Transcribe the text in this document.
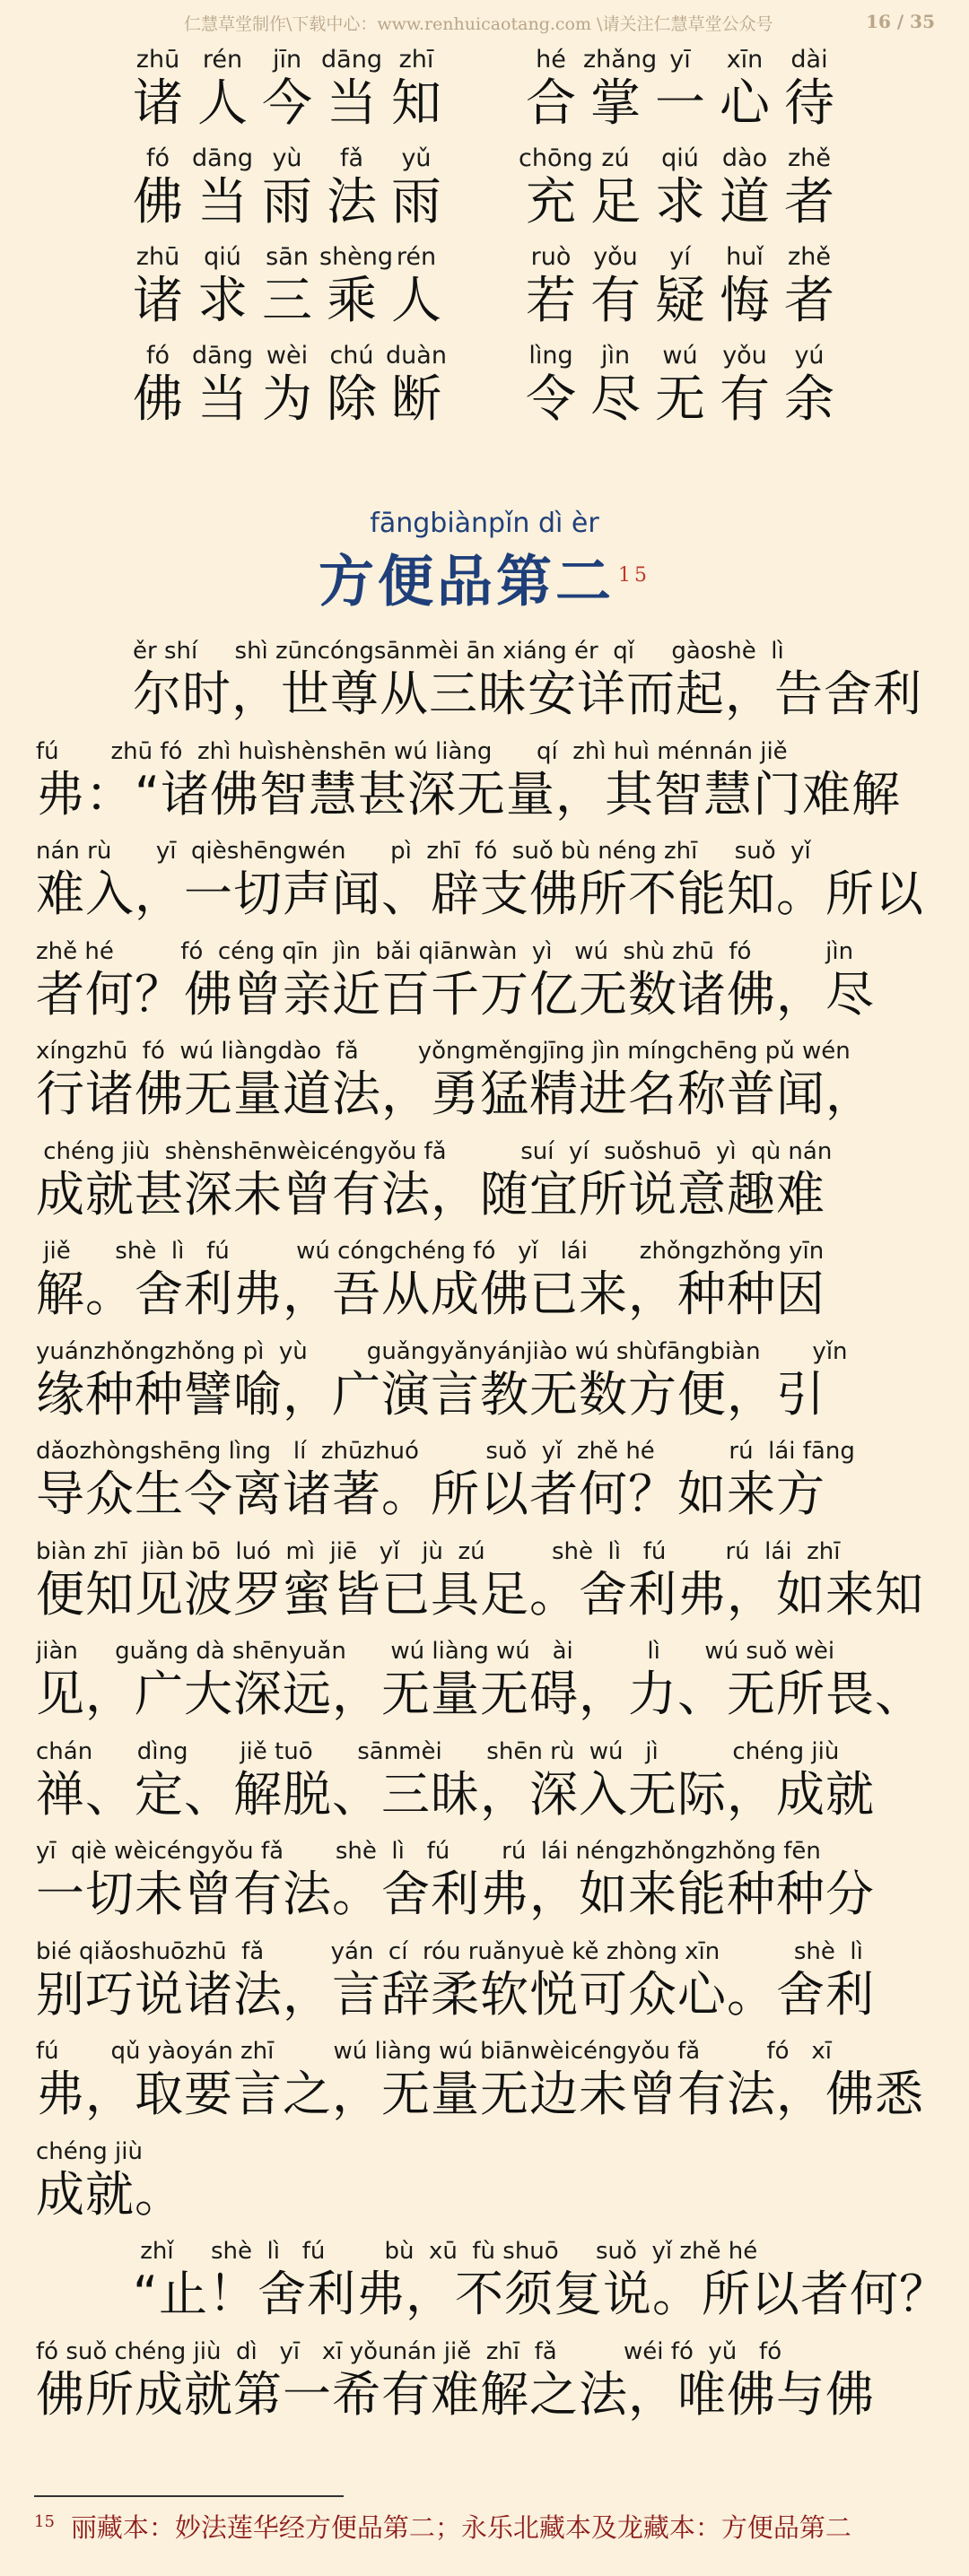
仁慧草堂制作\下载中心：www.renhuicaotang.com \请关注仁慧草堂公众号	16 / 35
zhū
诸
rén
人
jīn
今
dāng
当
zhī
知
hé
合
zhǎng
掌
yī
一
xīn
心
dài
待
fó
佛
dāng
当
yù
雨
fǎ
法
yǔ
雨
chōng
充
zú
足
qiú
求
dào
道
zhě
者
zhū
诸
qiú
求
sān
三
shèng
乘
rén
人
ruò
若
yǒu
有
yí
疑
huǐ
悔
zhě
者
fó
佛
dāng
当
wèi
为
chú
除
duàn
断
lìng
令
jìn
尽
wú
无
yǒu
有
yú
余
fāngbiànpǐn dì èr
方便品第二 $^{15}$
ěr shí     shì zūncóngsānmèi ān xiáng ér  qǐ     gàoshè  lì
尔时，世尊从三昧安详而起，告舍利
fú       zhū fó  zhì huìshènshēn wú liàng      qí  zhì huì ménnán jiě
弗：“诸佛智慧甚深无量，其智慧门难解
nán rù      yī  qièshēngwén      pì  zhī  fó  suǒ bù néng zhī     suǒ  yǐ
难入，一切声闻、辟支佛所不能知。所以
zhě hé         fó  céng qīn  jìn  bǎi qiānwàn  yì   wú  shù zhū  fó          jìn
者何？佛曾亲近百千万亿无数诸佛，尽
xíngzhū  fó  wú liàngdào  fǎ        yǒngměngjīng jìn míngchēng pǔ wén
行诸佛无量道法，勇猛精进名称普闻，
chéng jiù  shènshēnwèicéngyǒu fǎ          suí  yí  suǒshuō  yì  qù nán
成就甚深未曾有法，随宜所说意趣难
jiě      shè  lì   fú         wú cóngchéng fó   yǐ   lái       zhǒngzhǒng yīn
解。舍利弗，吾从成佛已来，种种因
yuánzhǒngzhǒng pì  yù        guǎngyǎnyánjiào wú shùfāngbiàn       yǐn
缘种种譬喻，广演言教无数方便，引
dǎozhòngshēng lìng   lí  zhūzhuó         suǒ  yǐ  zhě hé          rú  lái fāng
导众生令离诸著。所以者何？如来方
biàn zhī  jiàn bō  luó  mì  jiē   yǐ   jù  zú         shè  lì   fú        rú  lái  zhī
便知见波罗蜜皆已具足。舍利弗，如来知
jiàn     guǎng dà shēnyuǎn      wú liàng wú   ài          lì      wú suǒ wèi
见，广大深远，无量无碍，力、无所畏、
chán      dìng       jiě tuō      sānmèi      shēn rù  wú   jì          chéng jiù
禅、定、解脱、三昧，深入无际，成就
yī  qiè wèicéngyǒu fǎ       shè  lì   fú       rú  lái néngzhǒngzhǒng fēn
一切未曾有法。舍利弗，如来能种种分
bié qiǎoshuōzhū  fǎ         yán  cí  róu ruǎnyuè kě zhòng xīn          shè  lì
别巧说诸法，言辞柔软悦可众心。舍利
fú       qǔ yàoyán zhī        wú liàng wú biānwèicéngyǒu fǎ         fó   xī
弗，取要言之，无量无边未曾有法，佛悉
chéng jiù
成就。
zhǐ     shè  lì   fú        bù  xū  fù shuō     suǒ  yǐ zhě hé
“止！舍利弗，不须复说。所以者何？
fó suǒ chéng jiù  dì   yī   xī yǒunán jiě  zhī  fǎ         wéi fó  yǔ   fó
佛所成就第一希有难解之法，唯佛与佛
$^{15}$ 丽藏本：妙法莲华经方便品第二；永乐北藏本及龙藏本：方便品第二
